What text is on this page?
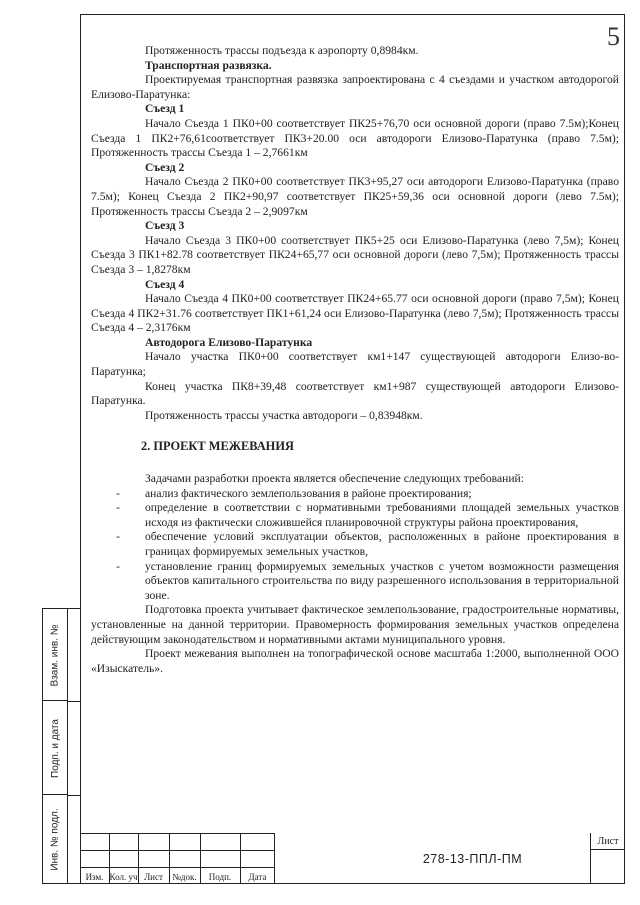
5

Протяженность трассы подъезда к аэропорту 0,8984км.

Транспортная развязка.

Проектируемая транспортная развязка запроектирована с 4 съездами и участком автодорогой Елизово-Паратунка:

Съезд 1

Начало Съезда 1 ПК0+00 соответствует ПК25+76,70 оси основной дороги (право 7.5м);Конец Съезда 1 ПК2+76,61соответствует ПК3+20.00 оси автодороги Елизово-Паратунка (право 7.5м); Протяженность трассы Съезда 1 – 2,7661км

Съезд 2

Начало Съезда 2 ПК0+00 соответствует ПК3+95,27 оси автодороги Елизово-Паратунка (право 7.5м); Конец Съезда 2 ПК2+90,97 соответствует ПК25+59,36 оси основной дороги (лево 7.5м); Протяженность трассы Съезда 2 – 2,9097км

Съезд 3

Начало Съезда 3 ПК0+00 соответствует ПК5+25 оси Елизово-Паратунка (лево 7,5м); Конец Съезда 3 ПК1+82.78 соответствует ПК24+65,77 оси основной дороги (лево 7,5м); Протяженность трассы Съезда 3 – 1,8278км

Съезд 4

Начало Съезда 4 ПК0+00 соответствует ПК24+65.77 оси основной дороги (право 7,5м); Конец Съезда 4 ПК2+31.76 соответствует ПК1+61,24 оси Елизово-Паратунка (лево 7,5м); Протяженность трассы Съезда 4 – 2,3176км

Автодорога Елизово-Паратунка

Начало участка ПК0+00 соответствует км1+147 существующей автодороги Елизо-во-Паратунка;

Конец участка ПК8+39,48 соответствует км1+987 существующей автодороги Елизово-Паратунка.

Протяженность трассы участка автодороги – 0,83948км.

2. ПРОЕКТ МЕЖЕВАНИЯ

Задачами разработки проекта является обеспечение следующих требований:

-	анализ фактического землепользования в районе проектирования;
-	определение в соответствии с нормативными требованиями площадей земельных участков исходя из фактически сложившейся планировочной структуры района проектирования,
-	обеспечение условий эксплуатации объектов, расположенных в районе проектирования в границах формируемых земельных участков,
-	установление границ формируемых земельных участков с учетом возможности размещения объектов капитального строительства по виду разрешенного использования в территориальной зоне.

Подготовка проекта учитывает фактическое землепользование, градостроительные нормативы, установленные на данной территории. Правомерность формирования земельных участков определена действующим законодательством и нормативными актами муниципального уровня.

Проект межевания выполнен на топографической основе масштаба 1:2000, выполненной ООО «Изыскатель».

Взам. инв. №
Подп. и дата
Инв. № подл.
Изм. Кол. уч Лист	№док.	Подп.	Дата
278-13-ППЛ-ПМ
Лист
